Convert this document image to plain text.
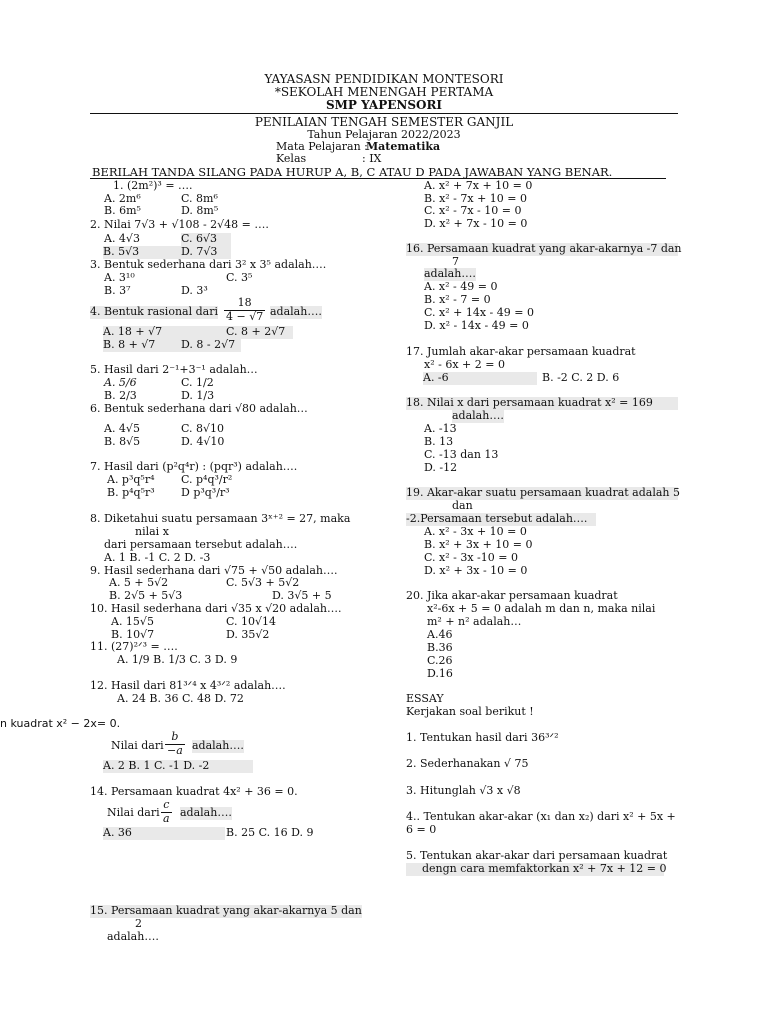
YAYASASN PENDIDIKAN MONTESORI
*SEKOLAH MENENGAH PERTAMA
SMP YAPENSORI
PENILAIAN TENGAH SEMESTER GANJIL
Tahun Pelajaran 2022/2023
Mata Pelajaran :
Matematika
Kelas	: IX
BERILAH TANDA SILANG PADA HURUP A, B, C ATAU D PADA JAWABAN YANG BENAR.
1. (2m²)³ = ….
A. 2m⁶	C. 8m⁶
B. 6m⁵	D. 8m⁵
2. Nilai 7√3 + √108 - 2√48 = ….
A. 4√3	C. 6√3
B. 5√3	D. 7√3
3. Bentuk sederhana dari 3² x 3⁵ adalah….
A. 3¹⁰	C. 3⁵
B. 3⁷	D. 3³
4. Bentuk rasional dari $\frac{18}{4 - √7}$ adalah….
A. 18 + √7	C. 8 + 2√7
B. 8 + √7	D. 8 - 2√7
5. Hasil dari 2⁻¹+3⁻¹ adalah…
A. 5/6	C. 1/2
B. 2/3	D. 1/3
6. Bentuk sederhana dari √80 adalah…
A. 4√5	C. 8√10
B. 8√5	D. 4√10
7. Hasil dari (p²q⁴r) : (pqr³) adalah….
A. p³q⁵r⁴ C. p⁴q³/r²
B. p⁴q⁵r³ D p³q³/r³
8. Diketahui suatu persamaan 3ˣ⁺² = 27, maka
nilai x
dari persamaan tersebut adalah….
A. 1 B. -1 C. 2 D. -3
9. Hasil sederhana dari √75 + √50 adalah….
A. 5 + 5√2	C. 5√3 + 5√2
B. 2√5 + 5√3	D. 3√5 + 5
10. Hasil sederhana dari √35 x √20 adalah….
A. 15√5	C. 10√14
B. 10√7	D. 35√2
11. (27)²ᐟ³ = ….
A. 1/9 B. 1/3 C. 3 D. 9
12. Hasil dari 81³ᐟ⁴ x 4³ᐟ² adalah….
A. 24 B. 36 C. 48 D. 72
n kuadrat x² − 2x= 0.
Nilai dari $\frac{b}{-a}$ adalah….
A. 2 B. 1 C. -1 D. -2
14. Persamaan kuadrat 4x² + 36 = 0.
Nilai dari $\frac{c}{a}$ adalah….
A. 36	B. 25 C. 16 D. 9
15. Persamaan kuadrat yang akar-akarnya 5 dan
2
adalah….
A. x² + 7x + 10 = 0
B. x² - 7x + 10 = 0
C. x² - 7x - 10 = 0
D. x² + 7x - 10 = 0
16. Persamaan kuadrat yang akar-akarnya -7 dan
7
adalah….
A. x² - 49 = 0
B. x² - 7 = 0
C. x² + 14x - 49 = 0
D. x² - 14x - 49 = 0
17. Jumlah akar-akar persamaan kuadrat
x² - 6x + 2 = 0
A. -6	B. -2 C. 2 D. 6
18. Nilai x dari persamaan kuadrat x² = 169
adalah….
A. -13
B. 13
C. -13 dan 13
D. -12
19. Akar-akar suatu persamaan kuadrat adalah 5
dan
-2.Persamaan tersebut adalah….
A. x² - 3x + 10 = 0
B. x² + 3x + 10 = 0
C. x² - 3x -10 = 0
D. x² + 3x - 10 = 0
20. Jika akar-akar persamaan kuadrat
x²-6x + 5 = 0 adalah m dan n, maka nilai
m² + n² adalah…
A.46
B.36
C.26
D.16
ESSAY
Kerjakan soal berikut !
1. Tentukan hasil dari 36³ᐟ²
2. Sederhanakan √ 75
3. Hitunglah √3 x √8
4.. Tentukan akar-akar (x₁ dan x₂) dari x² + 5x +
6 = 0
5. Tentukan akar-akar dari persamaan kuadrat
dengn cara memfaktorkan x² + 7x + 12 = 0
